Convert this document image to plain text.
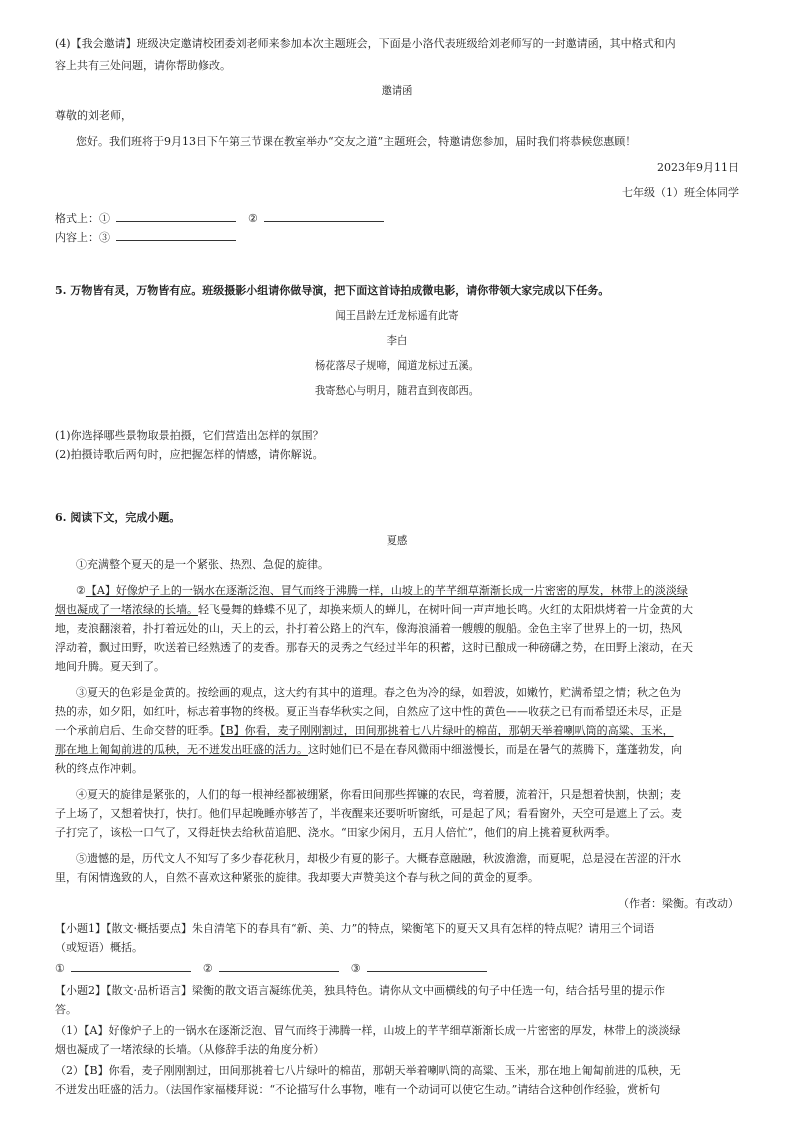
(4)【我会邀请】班级决定邀请校团委刘老师来参加本次主题班会，下面是小洛代表班级给刘老师写的一封邀请函，其中格式和内
容上共有三处问题，请你帮助修改。
邀请函
尊敬的刘老师，
您好。我们班将于9月13日下午第三节课在教室举办“交友之道”主题班会，特邀请您参加，届时我们将恭候您惠顾！
2023年9月11日
七年级（1）班全体同学
格式上：①	②
内容上：③
5. 万物皆有灵，万物皆有应。班级摄影小组请你做导演，把下面这首诗拍成微电影，请你带领大家完成以下任务。
闻王昌龄左迁龙标遥有此寄
李白
杨花落尽子规啼，闻道龙标过五溪。
我寄愁心与明月，随君直到夜郎西。
(1)你选择哪些景物取景拍摄，它们营造出怎样的氛围？
(2)拍摄诗歌后两句时，应把握怎样的情感，请你解说。
6. 阅读下文，完成小题。
夏感
①充满整个夏天的是一个紧张、热烈、急促的旋律。
②【A】好像炉子上的一锅水在逐渐泛泡、冒气而终于沸腾一样，山坡上的芊芊细草渐渐长成一片密密的厚发，林带上的淡淡绿
烟也凝成了一堵浓绿的长墙。轻飞曼舞的蜂蝶不见了，却换来烦人的蝉儿，在树叶间一声声地长鸣。火红的太阳烘烤着一片金黄的大
地，麦浪翻滚着，扑打着远处的山，天上的云，扑打着公路上的汽车，像海浪涌着一艘艘的舰船。金色主宰了世界上的一切，热风
浮动着，飘过田野，吹送着已经熟透了的麦香。那春天的灵秀之气经过半年的积蓄，这时已酿成一种磅礴之势，在田野上滚动，在天
地间升腾。夏天到了。
③夏天的色彩是金黄的。按绘画的观点，这大约有其中的道理。春之色为冷的绿，如碧波，如嫩竹，贮满希望之情；秋之色为
热的赤，如夕阳，如红叶，标志着事物的终极。夏正当春华秋实之间，自然应了这中性的黄色——收获之已有而希望还未尽，正是
一个承前启后、生命交替的旺季。【B】你看，麦子刚刚割过，田间那挑着七八片绿叶的棉苗，那朝天举着喇叭筒的高粱、玉米，
那在地上匍匐前进的瓜秧，无不迸发出旺盛的活力。这时她们已不是在春风微雨中细滋慢长，而是在暑气的蒸腾下，蓬蓬勃发，向
秋的终点作冲刺。
④夏天的旋律是紧张的，人们的每一根神经都被绷紧，你看田间那些挥镰的农民，弯着腰，流着汗，只是想着快割，快割；麦
子上场了，又想着快打，快打。他们早起晚睡亦够苦了，半夜醒来还要听听窗纸，可是起了风；看看窗外，天空可是遮上了云。麦
子打完了，该松一口气了，又得赶快去给秋苗追肥、浇水。“田家少闲月，五月人倍忙”，他们的肩上挑着夏秋两季。
⑤遗憾的是，历代文人不知写了多少春花秋月，却极少有夏的影子。大概春意融融，秋波澹澹，而夏呢，总是浸在苦涩的汗水
里，有闲情逸致的人，自然不喜欢这种紧张的旋律。我却要大声赞美这个春与秋之间的黄金的夏季。
（作者：梁衡。有改动）
【小题1】【散文·概括要点】朱自清笔下的春具有“新、美、力”的特点，梁衡笔下的夏天又具有怎样的特点呢？请用三个词语
（或短语）概括。
①	②	③
【小题2】【散文·品析语言】梁衡的散文语言凝练优美，独具特色。请你从文中画横线的句子中任选一句，结合括号里的提示作
答。
（1）【A】好像炉子上的一锅水在逐渐泛泡、冒气而终于沸腾一样，山坡上的芊芊细草渐渐长成一片密密的厚发，林带上的淡淡绿
烟也凝成了一堵浓绿的长墙。（从修辞手法的角度分析）
（2）【B】你看，麦子刚刚割过，田间那挑着七八片绿叶的棉苗，那朝天举着喇叭筒的高粱、玉米，那在地上匍匐前进的瓜秧，无
不迸发出旺盛的活力。（法国作家福楼拜说：“不论描写什么事物，唯有一个动词可以使它生动。”请结合这种创作经验，赏析句
